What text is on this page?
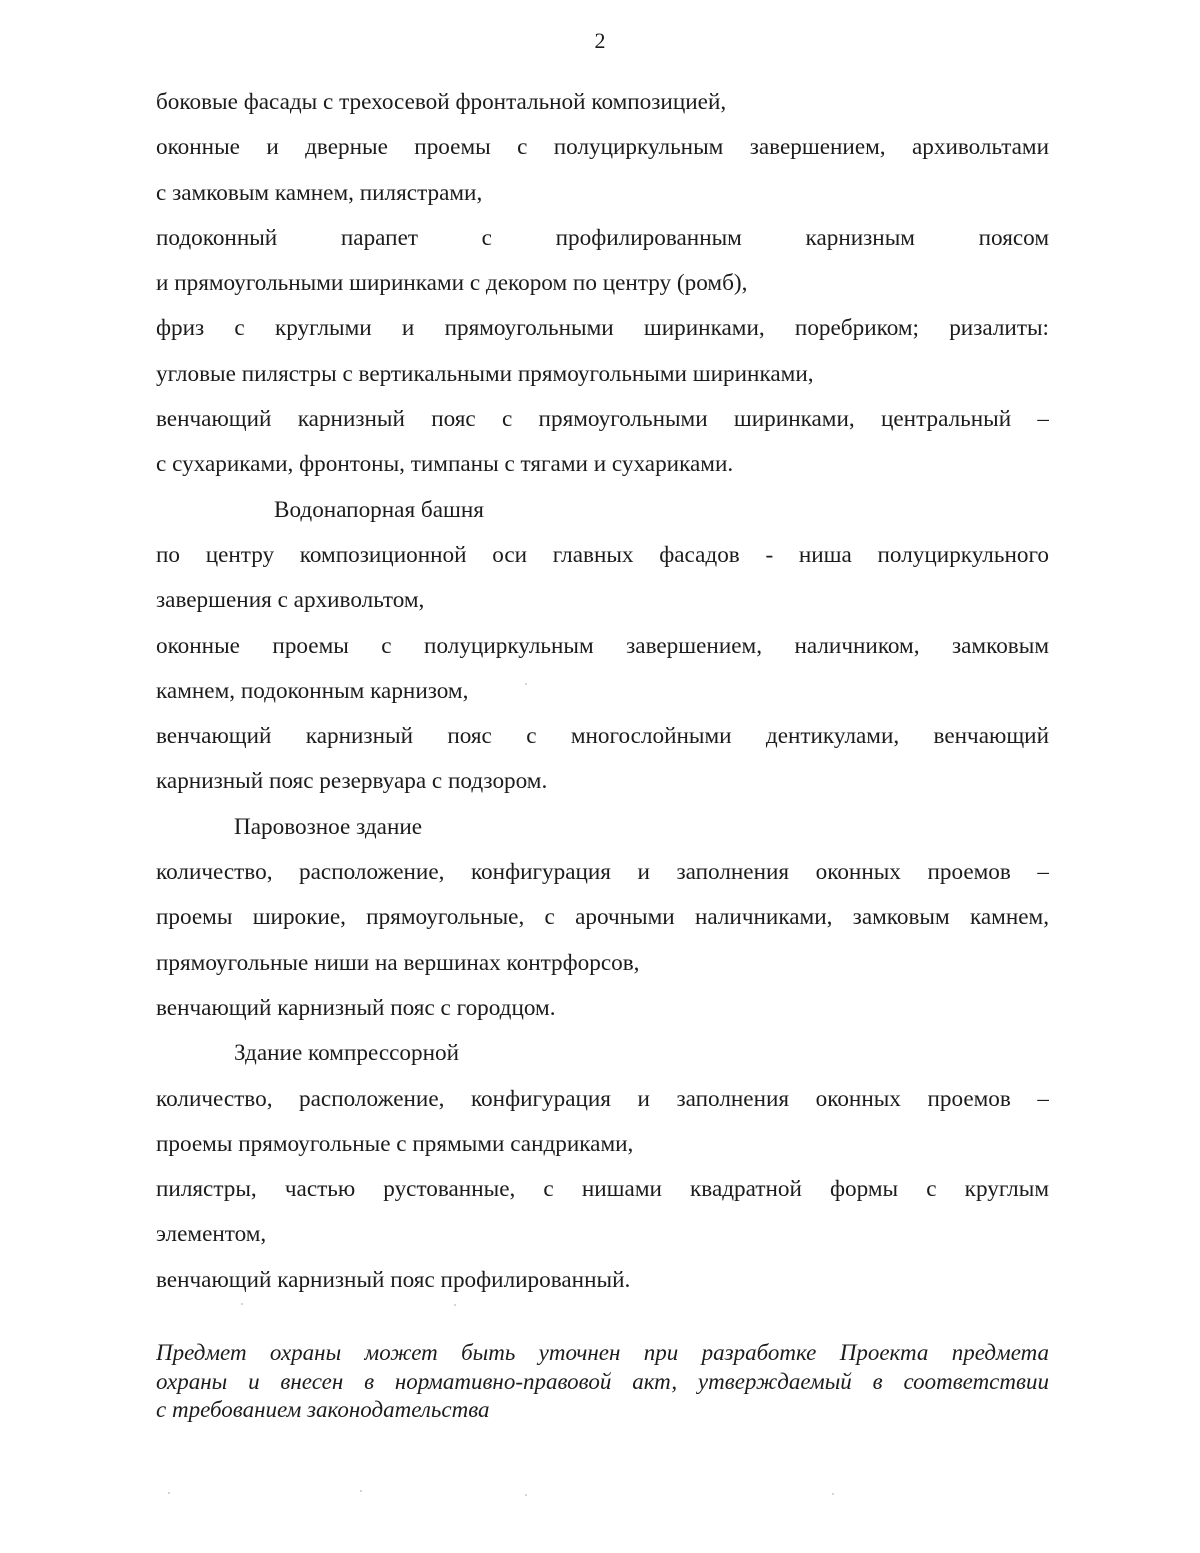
2
боковые фасады с трехосевой фронтальной композицией,
оконные и дверные проемы с полуциркульным завершением, архивольтами
с замковым камнем, пилястрами,
подоконный парапет с профилированным карнизным поясом
и прямоугольными ширинками с декором по центру (ромб),
фриз с круглыми и прямоугольными ширинками, поребриком; ризалиты:
угловые пилястры с вертикальными прямоугольными ширинками,
венчающий карнизный пояс с прямоугольными ширинками, центральный –
с сухариками, фронтоны, тимпаны с тягами и сухариками.
Водонапорная башня
по центру композиционной оси главных фасадов - ниша полуциркульного
завершения с архивольтом,
оконные проемы с полуциркульным завершением, наличником, замковым
камнем, подоконным карнизом,
венчающий карнизный пояс с многослойными дентикулами, венчающий
карнизный пояс резервуара с подзором.
Паровозное здание
количество, расположение, конфигурация и заполнения оконных проемов –
проемы широкие, прямоугольные, с арочными наличниками, замковым камнем,
прямоугольные ниши на вершинах контрфорсов,
венчающий карнизный пояс с городцом.
Здание компрессорной
количество, расположение, конфигурация и заполнения оконных проемов –
проемы прямоугольные с прямыми сандриками,
пилястры, частью рустованные, с нишами квадратной формы с круглым
элементом,
венчающий карнизный пояс профилированный.
Предмет охраны может быть уточнен при разработке Проекта предмета
охраны и внесен в нормативно-правовой акт, утверждаемый в соответствии
с требованием законодательства
